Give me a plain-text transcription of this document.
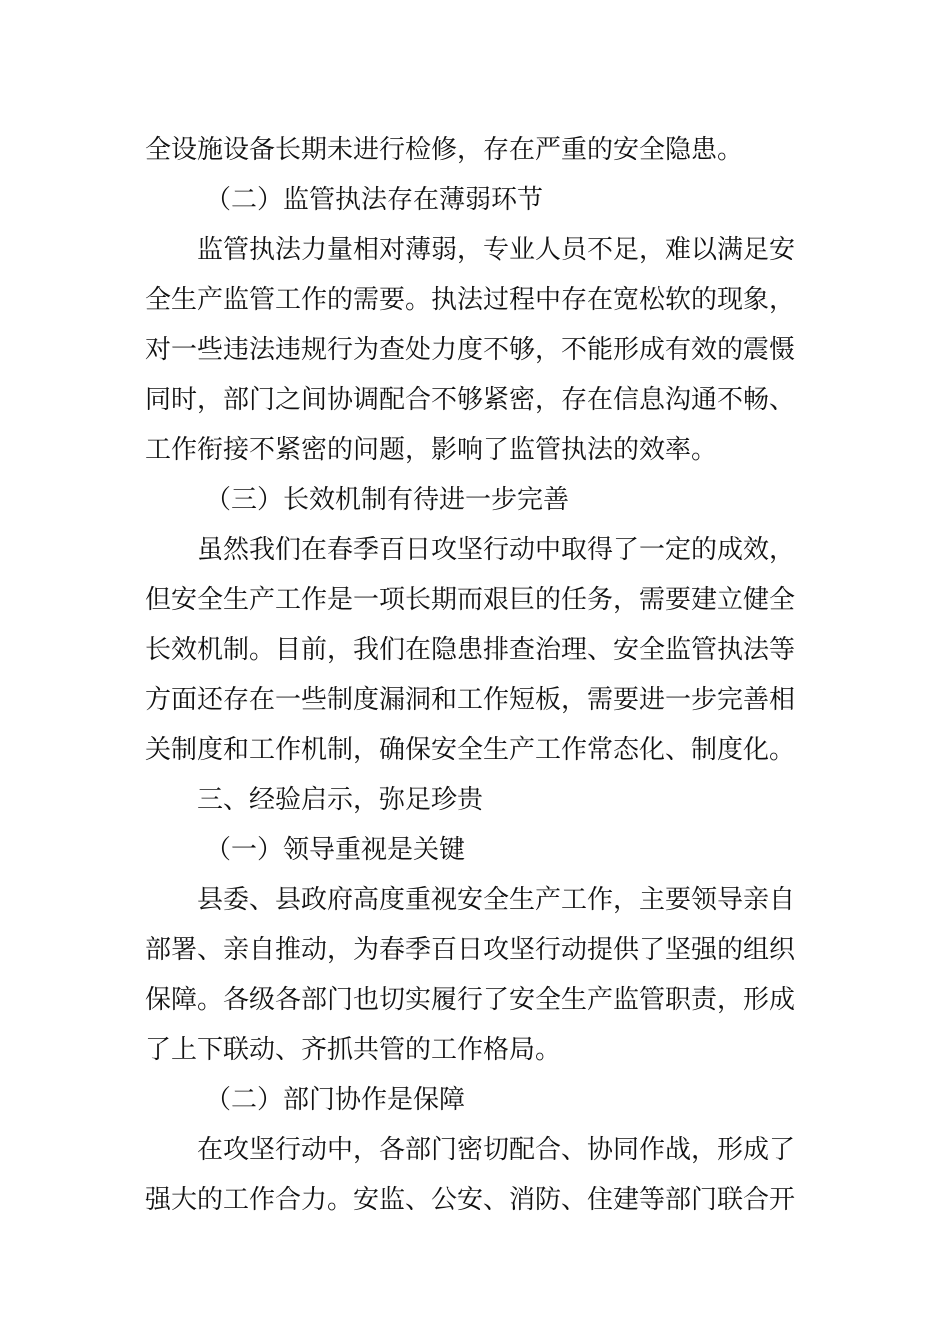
全设施设备长期未进行检修，存在严重的安全隐患。
（二）监管执法存在薄弱环节
监管执法力量相对薄弱，专业人员不足，难以满足安
全生产监管工作的需要。执法过程中存在宽松软的现象，
对一些违法违规行为查处力度不够，不能形成有效的震慑
同时，部门之间协调配合不够紧密，存在信息沟通不畅、
工作衔接不紧密的问题，影响了监管执法的效率。
（三）长效机制有待进一步完善
虽然我们在春季百日攻坚行动中取得了一定的成效，
但安全生产工作是一项长期而艰巨的任务，需要建立健全
长效机制。目前，我们在隐患排查治理、安全监管执法等
方面还存在一些制度漏洞和工作短板，需要进一步完善相
关制度和工作机制，确保安全生产工作常态化、制度化。
三、经验启示，弥足珍贵
（一）领导重视是关键
县委、县政府高度重视安全生产工作，主要领导亲自
部署、亲自推动，为春季百日攻坚行动提供了坚强的组织
保障。各级各部门也切实履行了安全生产监管职责，形成
了上下联动、齐抓共管的工作格局。
（二）部门协作是保障
在攻坚行动中，各部门密切配合、协同作战，形成了
强大的工作合力。安监、公安、消防、住建等部门联合开
